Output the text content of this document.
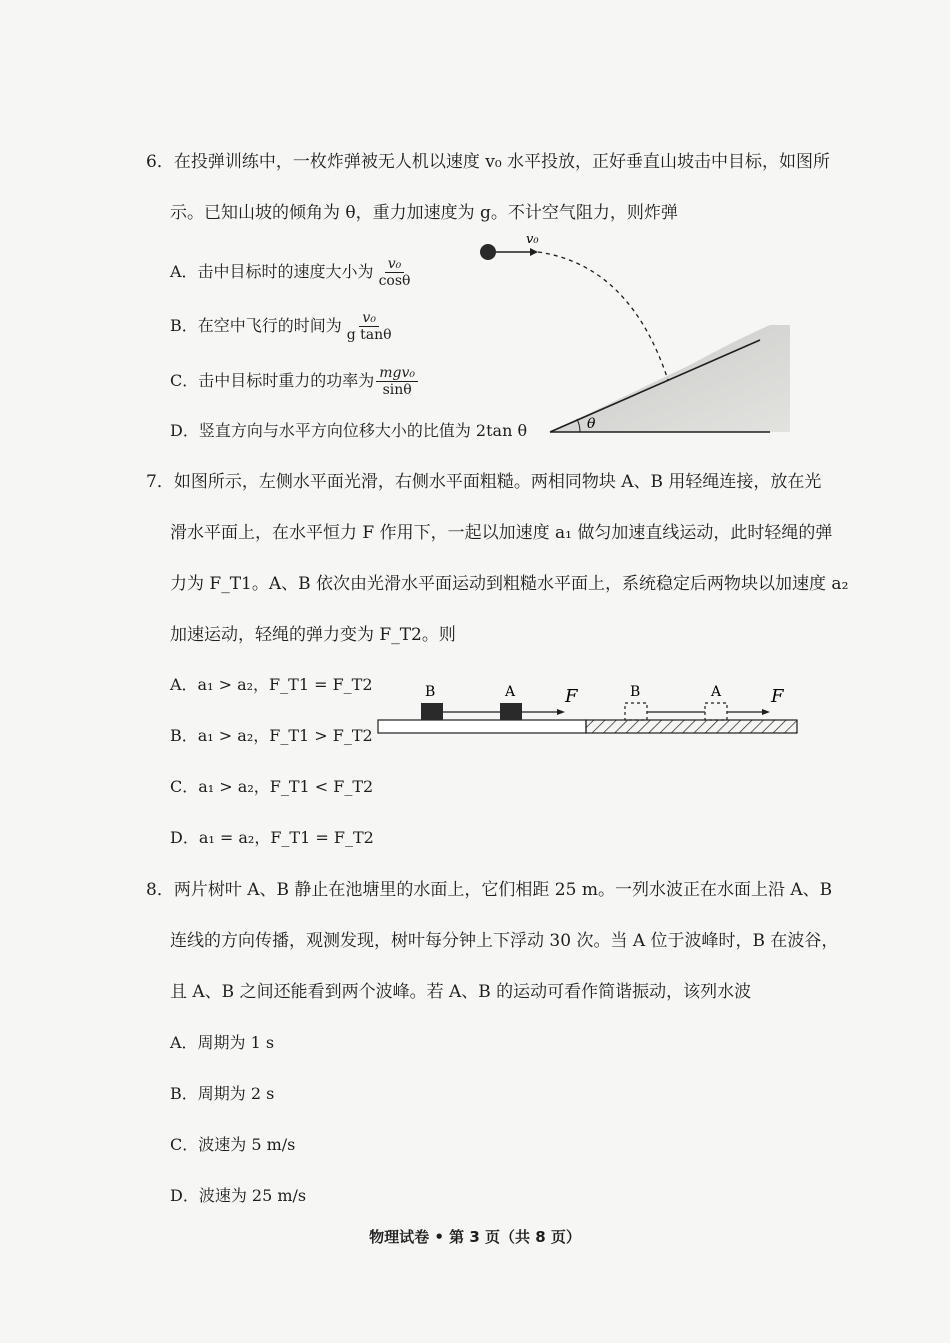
6．在投弹训练中，一枚炸弹被无人机以速度 v₀ 水平投放，正好垂直山坡击中目标，如图所
示。已知山坡的倾角为 θ，重力加速度为 g。不计空气阻力，则炸弹
A．击中目标时的速度大小为 $\frac{\text{v₀}}{\cos\theta}$
B．在空中飞行的时间为 $\frac{\text{v₀}}{\text{g tanθ}}$
C．击中目标时重力的功率为 $\frac{\text{mgv₀}}{\sin\theta}$
D．竖直方向与水平方向位移大小的比值为 2tan θ	θ
v₀
7．如图所示，左侧水平面光滑，右侧水平面粗糙。两相同物块 A、B 用轻绳连接，放在光
滑水平面上，在水平恒力 F 作用下，一起以加速度 a₁ 做匀加速直线运动，此时轻绳的弹
力为 F_T1。A、B 依次由光滑水平面运动到粗糙水平面上，系统稳定后两物块以加速度 a₂
加速运动，轻绳的弹力变为 F_T2。则
A．a₁ > a₂，F_T1 = F_T2
B．a₁ > a₂，F_T1 > F_T2
C．a₁ > a₂，F_T1 < F_T2
D．a₁ = a₂，F_T1 = F_T2
B	A	F	B	A	F
8．两片树叶 A、B 静止在池塘里的水面上，它们相距 25 m。一列水波正在水面上沿 A、B
连线的方向传播，观测发现，树叶每分钟上下浮动 30 次。当 A 位于波峰时，B 在波谷，
且 A、B 之间还能看到两个波峰。若 A、B 的运动可看作简谐振动，该列水波
A．周期为 1 s
B．周期为 2 s
C．波速为 5 m/s
D．波速为 25 m/s
物理试卷 • 第 3 页（共 8 页）
